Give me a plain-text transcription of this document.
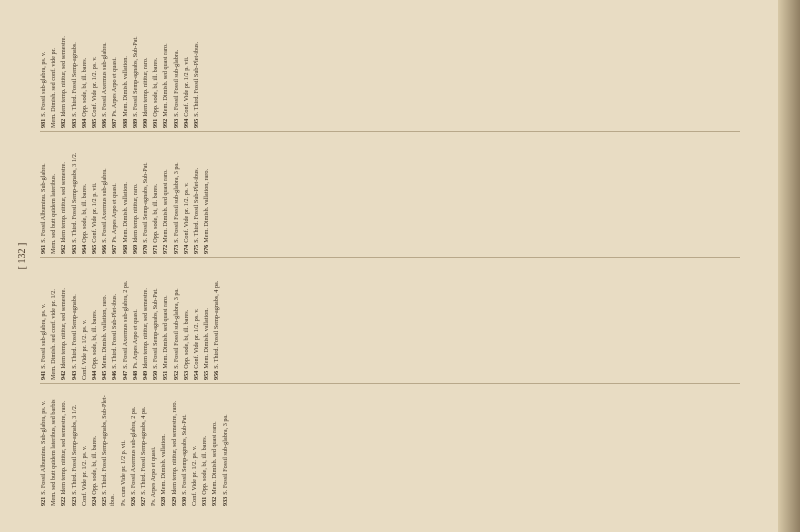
[ 132 ]
921S. Fossil Albuminu. Sub-glabra, ps. v. Mem. sed butt quidem lateribus, sed barbis 922Idem temp. nititur, sed semestre, raro.
923S. Third. Fossil Semp-agnabs, 3 1/2. Conf. Vide pr. 1/2. ps. v. 924Opp. sode, bi, ill. bares.
925S. Third. Fossil Semp-agnabs, Sub-Plet-ibus. Ps. cum Vide pr. 1/2 p. vii. 926S. Fossil Axermus sub-glabra, 2 pa.
927S. Third. Fossil Semp-agnabs, 4 pa. Ps. Arpes Arpo et quasi. 928Mem. Dimish. vallation.
929Idem temp. nititur, sed semestre, raro.
930S. Fossil Semp-agnabs, Sub-Pat. Conf. Vide pr. 1/2. ps. v. 931Opp. sode, bi, ill. bares.
932Mem. Dimish. sed quasi raro.
933S. Fossil Fossil sub-glabra, 3 pa.
941S. Fossil sub-glabra, ps. v. Mem. Dimish. sed conf. vide pr. 1/2. 942Idem temp. nititur, sed semestre.
943S. Third. Fossil Semp-agnabs. Conf. Vide pr. 1/2. ps. v. 944Opp. sode, bi, ill. bares.
945Mem. Dimish. vallation, raro.
946S. Third. Fossil Sub-Plet-ibus.
947S. Fossil Axermus sub-glabra, 2 pa.
948Ps. Arpes Arpo et quasi.
949Idem temp. nititur, sed semestre.
950S. Fossil Semp-agnabs, Sub-Pat.
951Mem. Dimish. sed quasi raro.
952S. Fossil Fossil sub-glabra, 3 pa.
953Opp. sode, bi, ill. bares.
954Conf. Vide pr. 1/2. ps. v.
955Mem. Dimish. vallation.
956S. Third. Fossil Semp-agnabs, 4 pa.
961S. Fossil Albuminu. Sub-glabra. Mem. sed butt quidem lateribus. 962Idem temp. nititur, sed semestre.
963S. Third. Fossil Semp-agnabs, 3 1/2.
964Opp. sode, bi, ill. bares.
965Conf. Vide pr. 1/2 p. vii.
966S. Fossil Axermus sub-glabra.
967Ps. Arpes Arpo et quasi.
968Mem. Dimish. vallation.
969Idem temp. nititur, raro.
970S. Fossil Semp-agnabs, Sub-Pat.
971Opp. sode, bi, ill. bares.
972Mem. Dimish. sed quasi raro.
973S. Fossil Fossil sub-glabra, 3 pa.
974Conf. Vide pr. 1/2. ps. v.
975S. Third. Fossil Sub-Plet-ibus.
976Mem. Dimish. vallation, raro.
981S. Fossil sub-glabra, ps. v. Mem. Dimish. sed conf. vide pr. 982Idem temp. nititur, sed semestre.
983S. Third. Fossil Semp-agnabs.
984Opp. sode, bi, ill. bares.
985Conf. Vide pr. 1/2. ps. v.
986S. Fossil Axermus sub-glabra.
987Ps. Arpes Arpo et quasi.
988Mem. Dimish. vallation.
989S. Fossil Semp-agnabs, Sub-Pat.
990Idem temp. nititur, raro.
991Opp. sode, bi, ill. bares.
992Mem. Dimish. sed quasi raro.
993S. Fossil Fossil sub-glabra.
994Conf. Vide pr. 1/2 p. vii.
995S. Third. Fossil Sub-Plet-ibus.
